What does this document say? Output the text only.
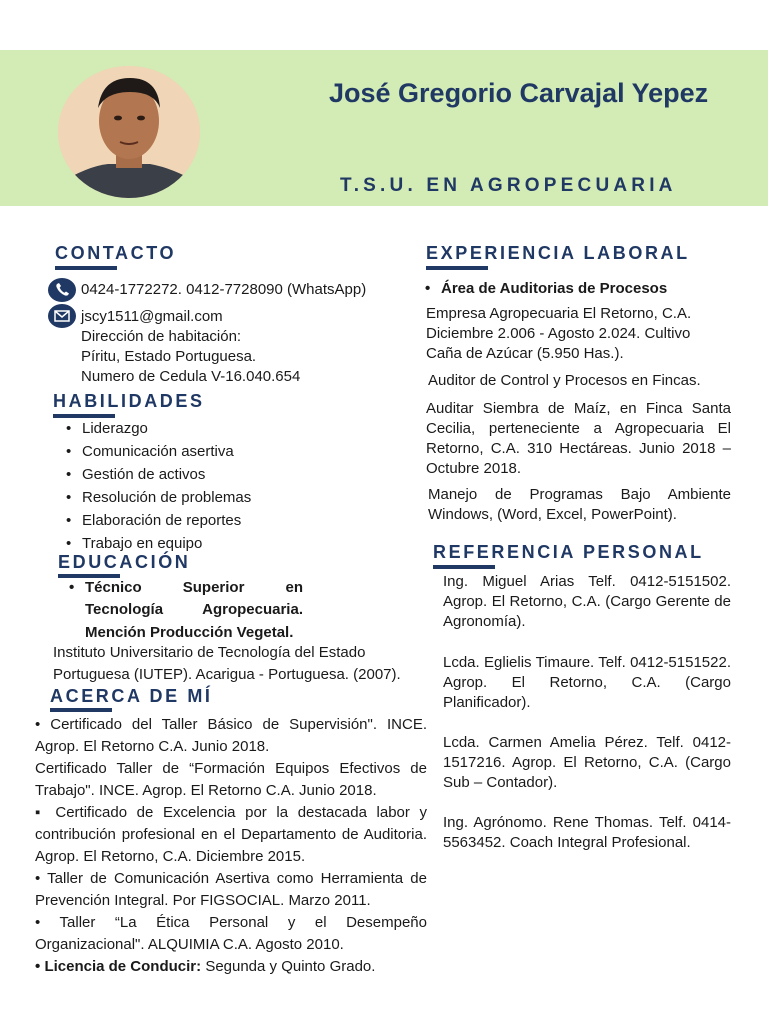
José Gregorio Carvajal Yepez
T.S.U. EN AGROPECUARIA
CONTACTO
0424-1772272. 0412-7728090 (WhatsApp)
jscy1511@gmail.com
Dirección de habitación:
Píritu, Estado Portuguesa.
Numero de Cedula V-16.040.654
HABILIDADES
• Liderazgo
• Comunicación asertiva
• Gestión de activos
• Resolución de problemas
• Elaboración de reportes
• Trabajo en equipo
EDUCACIÓN
• Técnico Superior en
Tecnología Agropecuaria.
Mención Producción Vegetal.
Instituto Universitario de Tecnología del Estado
Portuguesa (IUTEP). Acarigua - Portuguesa. (2007).
ACERCA DE MÍ
• Certificado del Taller Básico de Supervisión". INCE. Agrop. El Retorno C.A. Junio 2018.
Certificado Taller de “Formación Equipos Efectivos de Trabajo". INCE. Agrop. El Retorno C.A. Junio 2018.
▪ Certificado de Excelencia por la destacada labor y contribución profesional en el Departamento de Auditoria. Agrop. El Retorno, C.A. Diciembre 2015.
• Taller de Comunicación Asertiva como Herramienta de Prevención Integral. Por FIGSOCIAL. Marzo 2011.
• Taller “La Ética Personal y el Desempeño Organizacional". ALQUIMIA C.A. Agosto 2010.
• Licencia de Conducir: Segunda y Quinto Grado.
EXPERIENCIA LABORAL
• Área de Auditorias de Procesos
Empresa Agropecuaria El Retorno, C.A. Diciembre 2.006 - Agosto 2.024. Cultivo Caña de Azúcar (5.950 Has.).
Auditor de Control y Procesos en Fincas.
Auditar Siembra de Maíz, en Finca Santa Cecilia, perteneciente a Agropecuaria El Retorno, C.A. 310 Hectáreas. Junio 2018 – Octubre 2018.
Manejo de Programas Bajo Ambiente Windows, (Word, Excel, PowerPoint).
REFERENCIA PERSONAL
Ing. Miguel Arias Telf. 0412-5151502. Agrop. El Retorno, C.A. (Cargo Gerente de Agronomía).
Lcda. Eglielis Timaure. Telf. 0412-5151522. Agrop. El Retorno, C.A. (Cargo Planificador).
Lcda. Carmen Amelia Pérez. Telf. 0412-1517216. Agrop. El Retorno, C.A. (Cargo Sub – Contador).
Ing. Agrónomo. Rene Thomas. Telf. 0414-5563452. Coach Integral Profesional.
